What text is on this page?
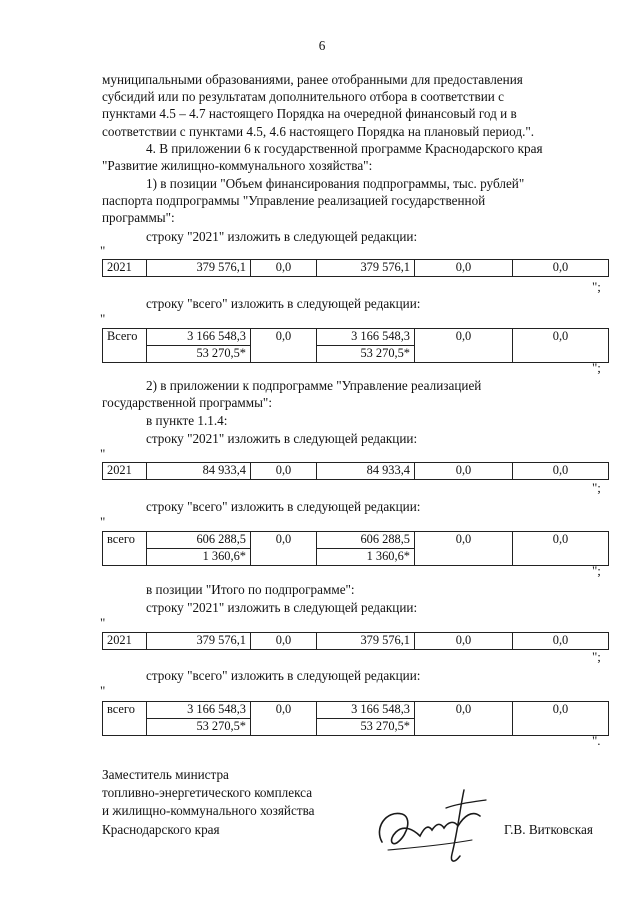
6
муниципальными образованиями, ранее отобранными для предоставления
субсидий или по результатам дополнительного отбора в соответствии с
пунктами 4.5 – 4.7 настоящего Порядка на очередной финансовый год и в
соответствии с пунктами 4.5, 4.6 настоящего Порядка на плановый период.".
4. В приложении 6 к государственной программе Краснодарского края
"Развитие жилищно-коммунального хозяйства":
1) в позиции "Объем финансирования подпрограммы, тыс. рублей"
паспорта подпрограммы "Управление реализацией государственной
программы":
строку "2021" изложить в следующей редакции:
"
2021	379 576,1	0,0	379 576,1	0,0	0,0
";
строку "всего" изложить в следующей редакции:
"
Всего	3 166 548,3	0,0	3 166 548,3	0,0	0,0
	53 270,5*		53 270,5*		
";
2) в приложении к подпрограмме "Управление реализацией
государственной программы":
в пункте 1.1.4:
строку "2021" изложить в следующей редакции:
"
2021	84 933,4	0,0	84 933,4	0,0	0,0
";
строку "всего" изложить в следующей редакции:
"
всего	606 288,5	0,0	606 288,5	0,0	0,0
	1 360,6*		1 360,6*		
";
в позиции "Итого по подпрограмме":
строку "2021" изложить в следующей редакции:
"
2021	379 576,1	0,0	379 576,1	0,0	0,0
";
строку "всего" изложить в следующей редакции:
"
всего	3 166 548,3	0,0	3 166 548,3	0,0	0,0
	53 270,5*		53 270,5*		
".
Заместитель министра
топливно-энергетического комплекса
и жилищно-коммунального хозяйства
Краснодарского края	Г.В. Витковская
